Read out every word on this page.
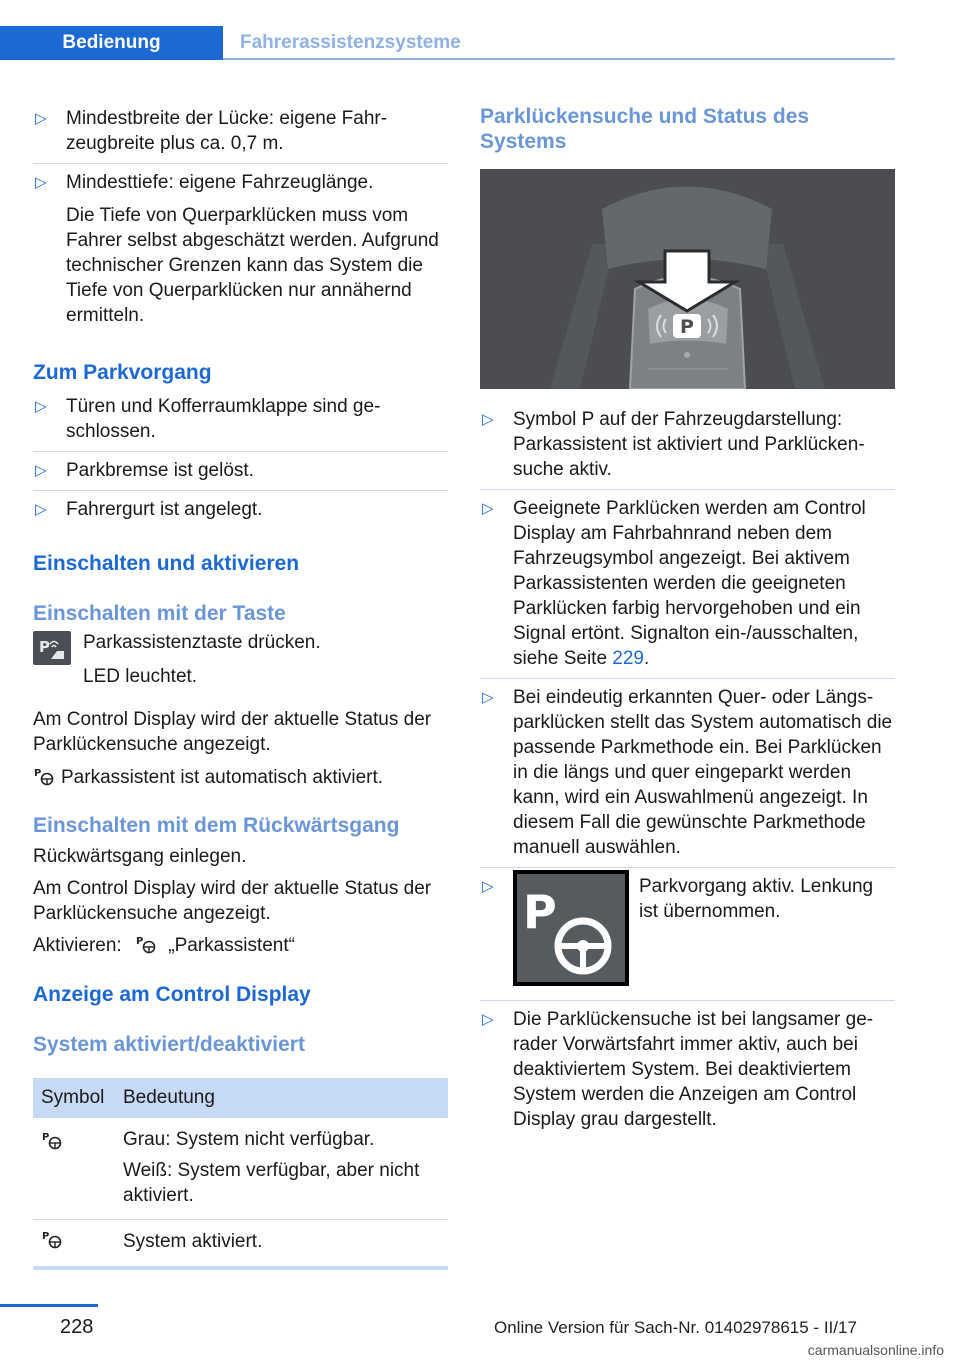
Bedienung	Fahrerassistenzsysteme
▷ Mindestbreite der Lücke: eigene Fahrzeugbreite plus ca. 0,7 m.
▷ Mindesttiefe: eigene Fahrzeuglänge.

Die Tiefe von Querparklücken muss vom Fahrer selbst abgeschätzt werden. Aufgrund technischer Grenzen kann das System die Tiefe von Querparklücken nur annähernd ermitteln.

Zum Parkvorgang
▷ Türen und Kofferraumklappe sind geschlossen.
▷ Parkbremse ist gelöst.
▷ Fahrergurt ist angelegt.
Einschalten und aktivieren
Einschalten mit der Taste
P Parkassistenztaste drücken.

LED leuchtet.

Am Control Display wird der aktuelle Status der Parklückensuche angezeigt.

P Parkassistent ist automatisch aktiviert.

Einschalten mit dem Rückwärtsgang

Rückwärtsgang einlegen.

Am Control Display wird der aktuelle Status der Parklückensuche angezeigt.

Aktivieren: P „Parkassistent“

Anzeige am Control Display
System aktiviert/deaktiviert
Symbol	Bedeutung

P	Grau: System nicht verfügbar.

Weiß: System verfügbar, aber nicht aktiviert.

P	System aktiviert.
Parklückensuche und Status des Systems
P
▷ Symbol P auf der Fahrzeugdarstellung: Parkassistent ist aktiviert und Parklückensuche aktiv.
▷ Geeignete Parklücken werden am Control Display am Fahrbahnrand neben dem Fahrzeugsymbol angezeigt. Bei aktivem Parkassistenten werden die geeigneten Parklücken farbig hervorgehoben und ein Signal ertönt. Signalton ein-/ausschalten, siehe Seite 229.
▷ Bei eindeutig erkannten Quer- oder Längsparklücken stellt das System automatisch die passende Parkmethode ein. Bei Parklücken in die längs und quer eingeparkt werden kann, wird ein Auswahlmenü angezeigt. In diesem Fall die gewünschte Parkmethode manuell auswählen.
▷ P	Parkvorgang aktiv. Lenkung ist übernommen.
▷ Die Parklückensuche ist bei langsamer gerader Vorwärtsfahrt immer aktiv, auch bei deaktiviertem System. Bei deaktiviertem System werden die Anzeigen am Control Display grau dargestellt.
228	Online Version für Sach-Nr. 01402978615 - II/17
carmanualsonline.info
